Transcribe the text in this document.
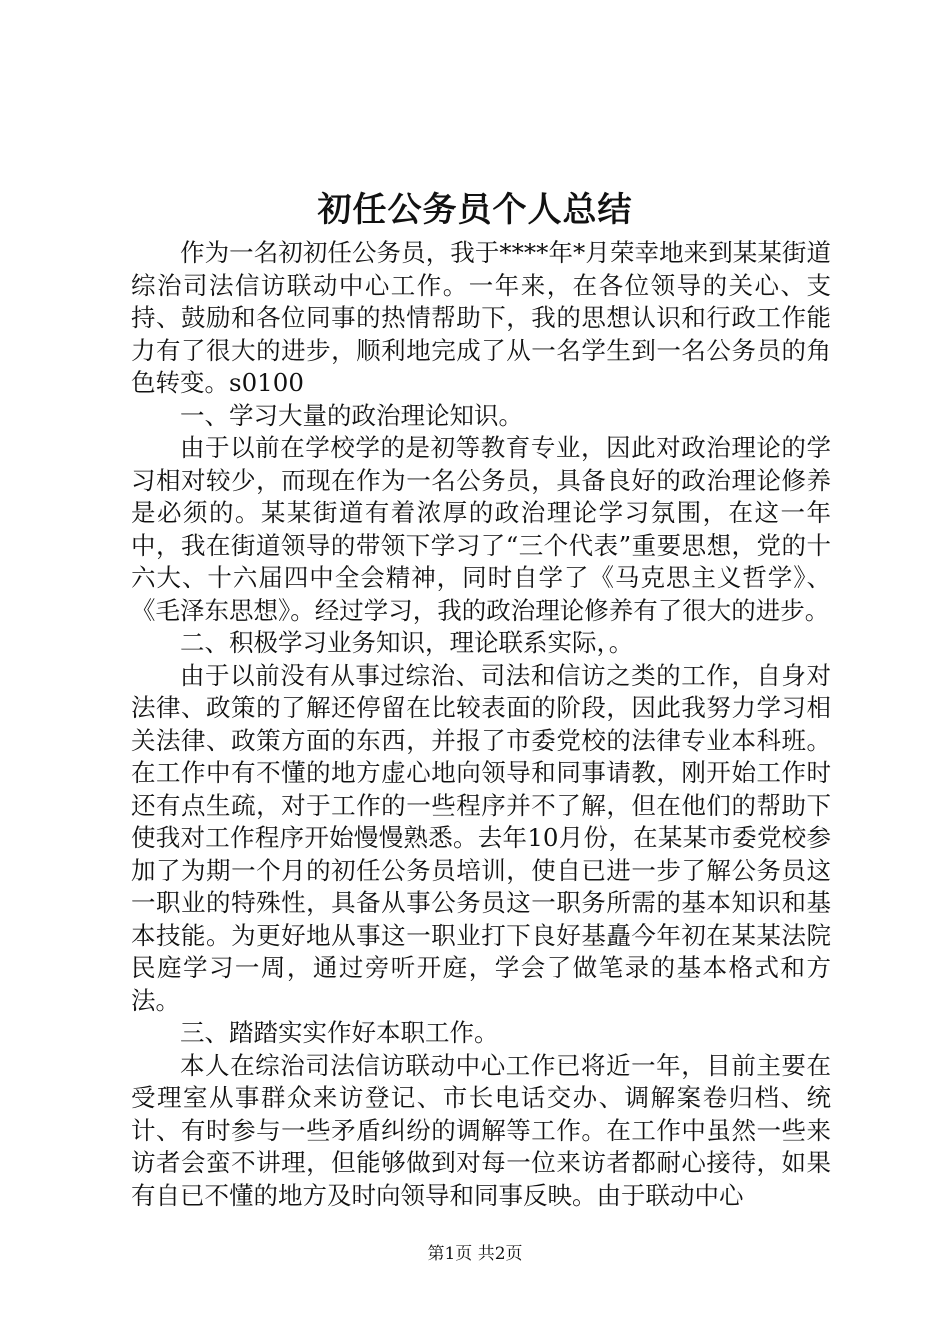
初任公务员个人总结

作为一名初初任公务员，我于****年*月荣幸地来到某某街道综治司法信访联动中心工作。一年来，在各位领导的关心、支持、鼓励和各位同事的热情帮助下，我的思想认识和行政工作能力有了很大的进步，顺利地完成了从一名学生到一名公务员的角色转变。s0100

一、学习大量的政治理论知识。

由于以前在学校学的是初等教育专业，因此对政治理论的学习相对较少，而现在作为一名公务员，具备良好的政治理论修养是必须的。某某街道有着浓厚的政治理论学习氛围，在这一年中，我在街道领导的带领下学习了“三个代表”重要思想，党的十六大、十六届四中全会精神，同时自学了《马克思主义哲学》、《毛泽东思想》。经过学习，我的政治理论修养有了很大的进步。

二、积极学习业务知识，理论联系实际，。

由于以前没有从事过综治、司法和信访之类的工作，自身对法律、政策的了解还停留在比较表面的阶段，因此我努力学习相关法律、政策方面的东西，并报了市委党校的法律专业本科班。在工作中有不懂的地方虚心地向领导和同事请教，刚开始工作时还有点生疏，对于工作的一些程序并不了解，但在他们的帮助下使我对工作程序开始慢慢熟悉。去年10月份，在某某市委党校参加了为期一个月的初任公务员培训，使自已进一步了解公务员这一职业的特殊性，具备从事公务员这一职务所需的基本知识和基本技能。为更好地从事这一职业打下良好基矗今年初在某某法院民庭学习一周，通过旁听开庭，学会了做笔录的基本格式和方法。

三、踏踏实实作好本职工作。

本人在综治司法信访联动中心工作已将近一年，目前主要在受理室从事群众来访登记、市长电话交办、调解案卷归档、统计、有时参与一些矛盾纠纷的调解等工作。在工作中虽然一些来访者会蛮不讲理，但能够做到对每一位来访者都耐心接待，如果有自已不懂的地方及时向领导和同事反映。由于联动中心

第1页 共2页
